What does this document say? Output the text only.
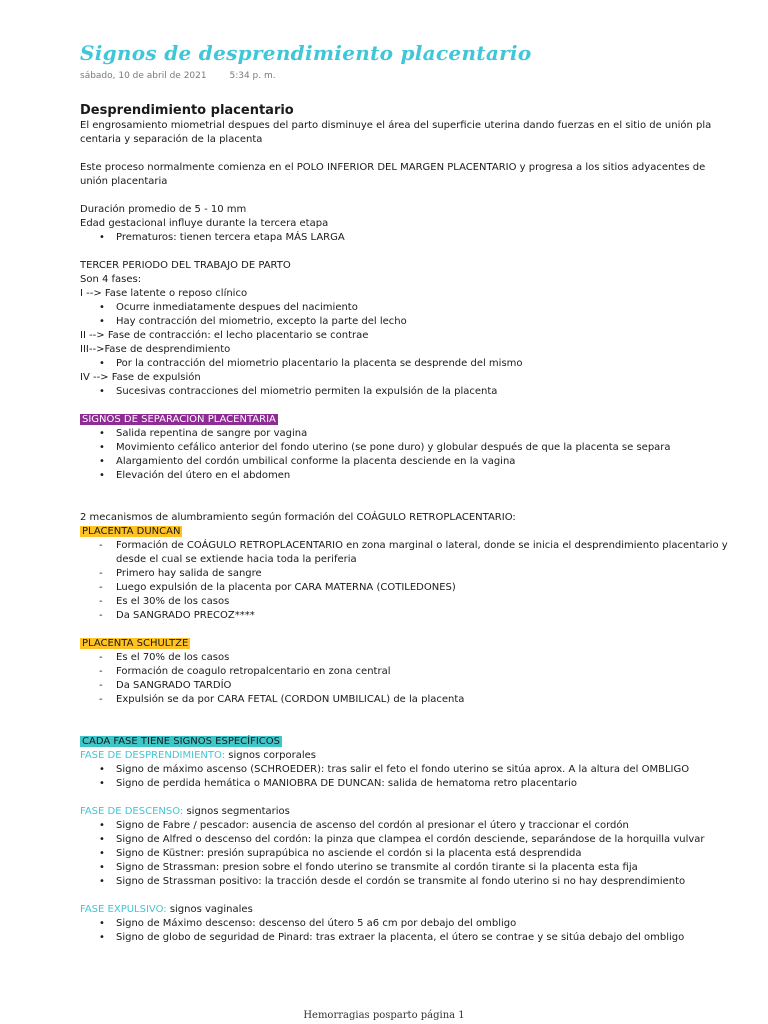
Signos de desprendimiento placentario
sábado, 10 de abril de 2021	5:34 p. m.
Desprendimiento placentario

El engrosamiento miometrial despues del parto disminuye el área del superficie uterina dando fuerzas en el sitio de unión pla centaria y separación de la placenta

Este proceso normalmente comienza en el POLO INFERIOR DEL MARGEN PLACENTARIO y progresa a los sitios adyacentes de unión placentaria

Duración promedio de 5 - 10 mm

Edad gestacional influye durante la tercera etapa

• Prematuros: tienen tercera etapa MÁS LARGA

TERCER PERIODO DEL TRABAJO DE PARTO

Son 4 fases:

I --> Fase latente o reposo clínico

• Ocurre inmediatamente despues del nacimiento
• Hay contracción del miometrio, excepto la parte del lecho

II --> Fase de contracción: el lecho placentario se contrae

III-->Fase de desprendimiento

• Por la contracción del miometrio placentario la placenta se desprende del mismo

IV --> Fase de expulsión

• Sucesivas contracciones del miometrio permiten la expulsión de la placenta

SIGNOS DE SEPARACIÓN PLACENTARIA

• Salida repentina de sangre por vagina
• Movimiento cefálico anterior del fondo uterino (se pone duro) y globular después de que la placenta se separa
• Alargamiento del cordón umbilical conforme la placenta desciende en la vagina
• Elevación del útero en el abdomen

2 mecanismos de alumbramiento según formación del COÁGULO RETROPLACENTARIO:

PLACENTA DUNCAN

- Formación de COÁGULO RETROPLACENTARIO en zona marginal o lateral, donde se inicia el desprendimiento placentario y desde el cual se extiende hacia toda la periferia
- Primero hay salida de sangre
- Luego expulsión de la placenta por CARA MATERNA (COTILEDONES)
- Es el 30% de los casos
- Da SANGRADO PRECOZ****

PLACENTA SCHULTZE

- Es el 70% de los casos
- Formación de coagulo retropalcentario en zona central
- Da SANGRADO TARDÍO
- Expulsión se da por CARA FETAL (CORDON UMBILICAL) de la placenta

CADA FASE TIENE SIGNOS ESPECÍFICOS

FASE DE DESPRENDIMIENTO: signos corporales

• Signo de máximo ascenso (SCHROEDER): tras salir el feto el fondo uterino se sitúa aprox. A la altura del OMBLIGO
• Signo de perdida hemática o MANIOBRA DE DUNCAN: salida de hematoma retro placentario

FASE DE DESCENSO: signos segmentarios

• Signo de Fabre / pescador: ausencia de ascenso del cordón al presionar el útero y traccionar el cordón
• Signo de Alfred o descenso del cordón: la pinza que clampea el cordón desciende, separándose de la horquilla vulvar
• Signo de Küstner: presión suprapúbica no asciende el cordón si la placenta está desprendida
• Signo de Strassman: presion sobre el fondo uterino se transmite al cordón tirante si la placenta esta fija
• Signo de Strassman positivo: la tracción desde el cordón se transmite al fondo uterino si no hay desprendimiento

FASE EXPULSIVO: signos vaginales

• Signo de Máximo descenso: descenso del útero 5 a6 cm por debajo del ombligo
• Signo de globo de seguridad de Pinard: tras extraer la placenta, el útero se contrae y se sitúa debajo del ombligo
Hemorragias posparto página 1
